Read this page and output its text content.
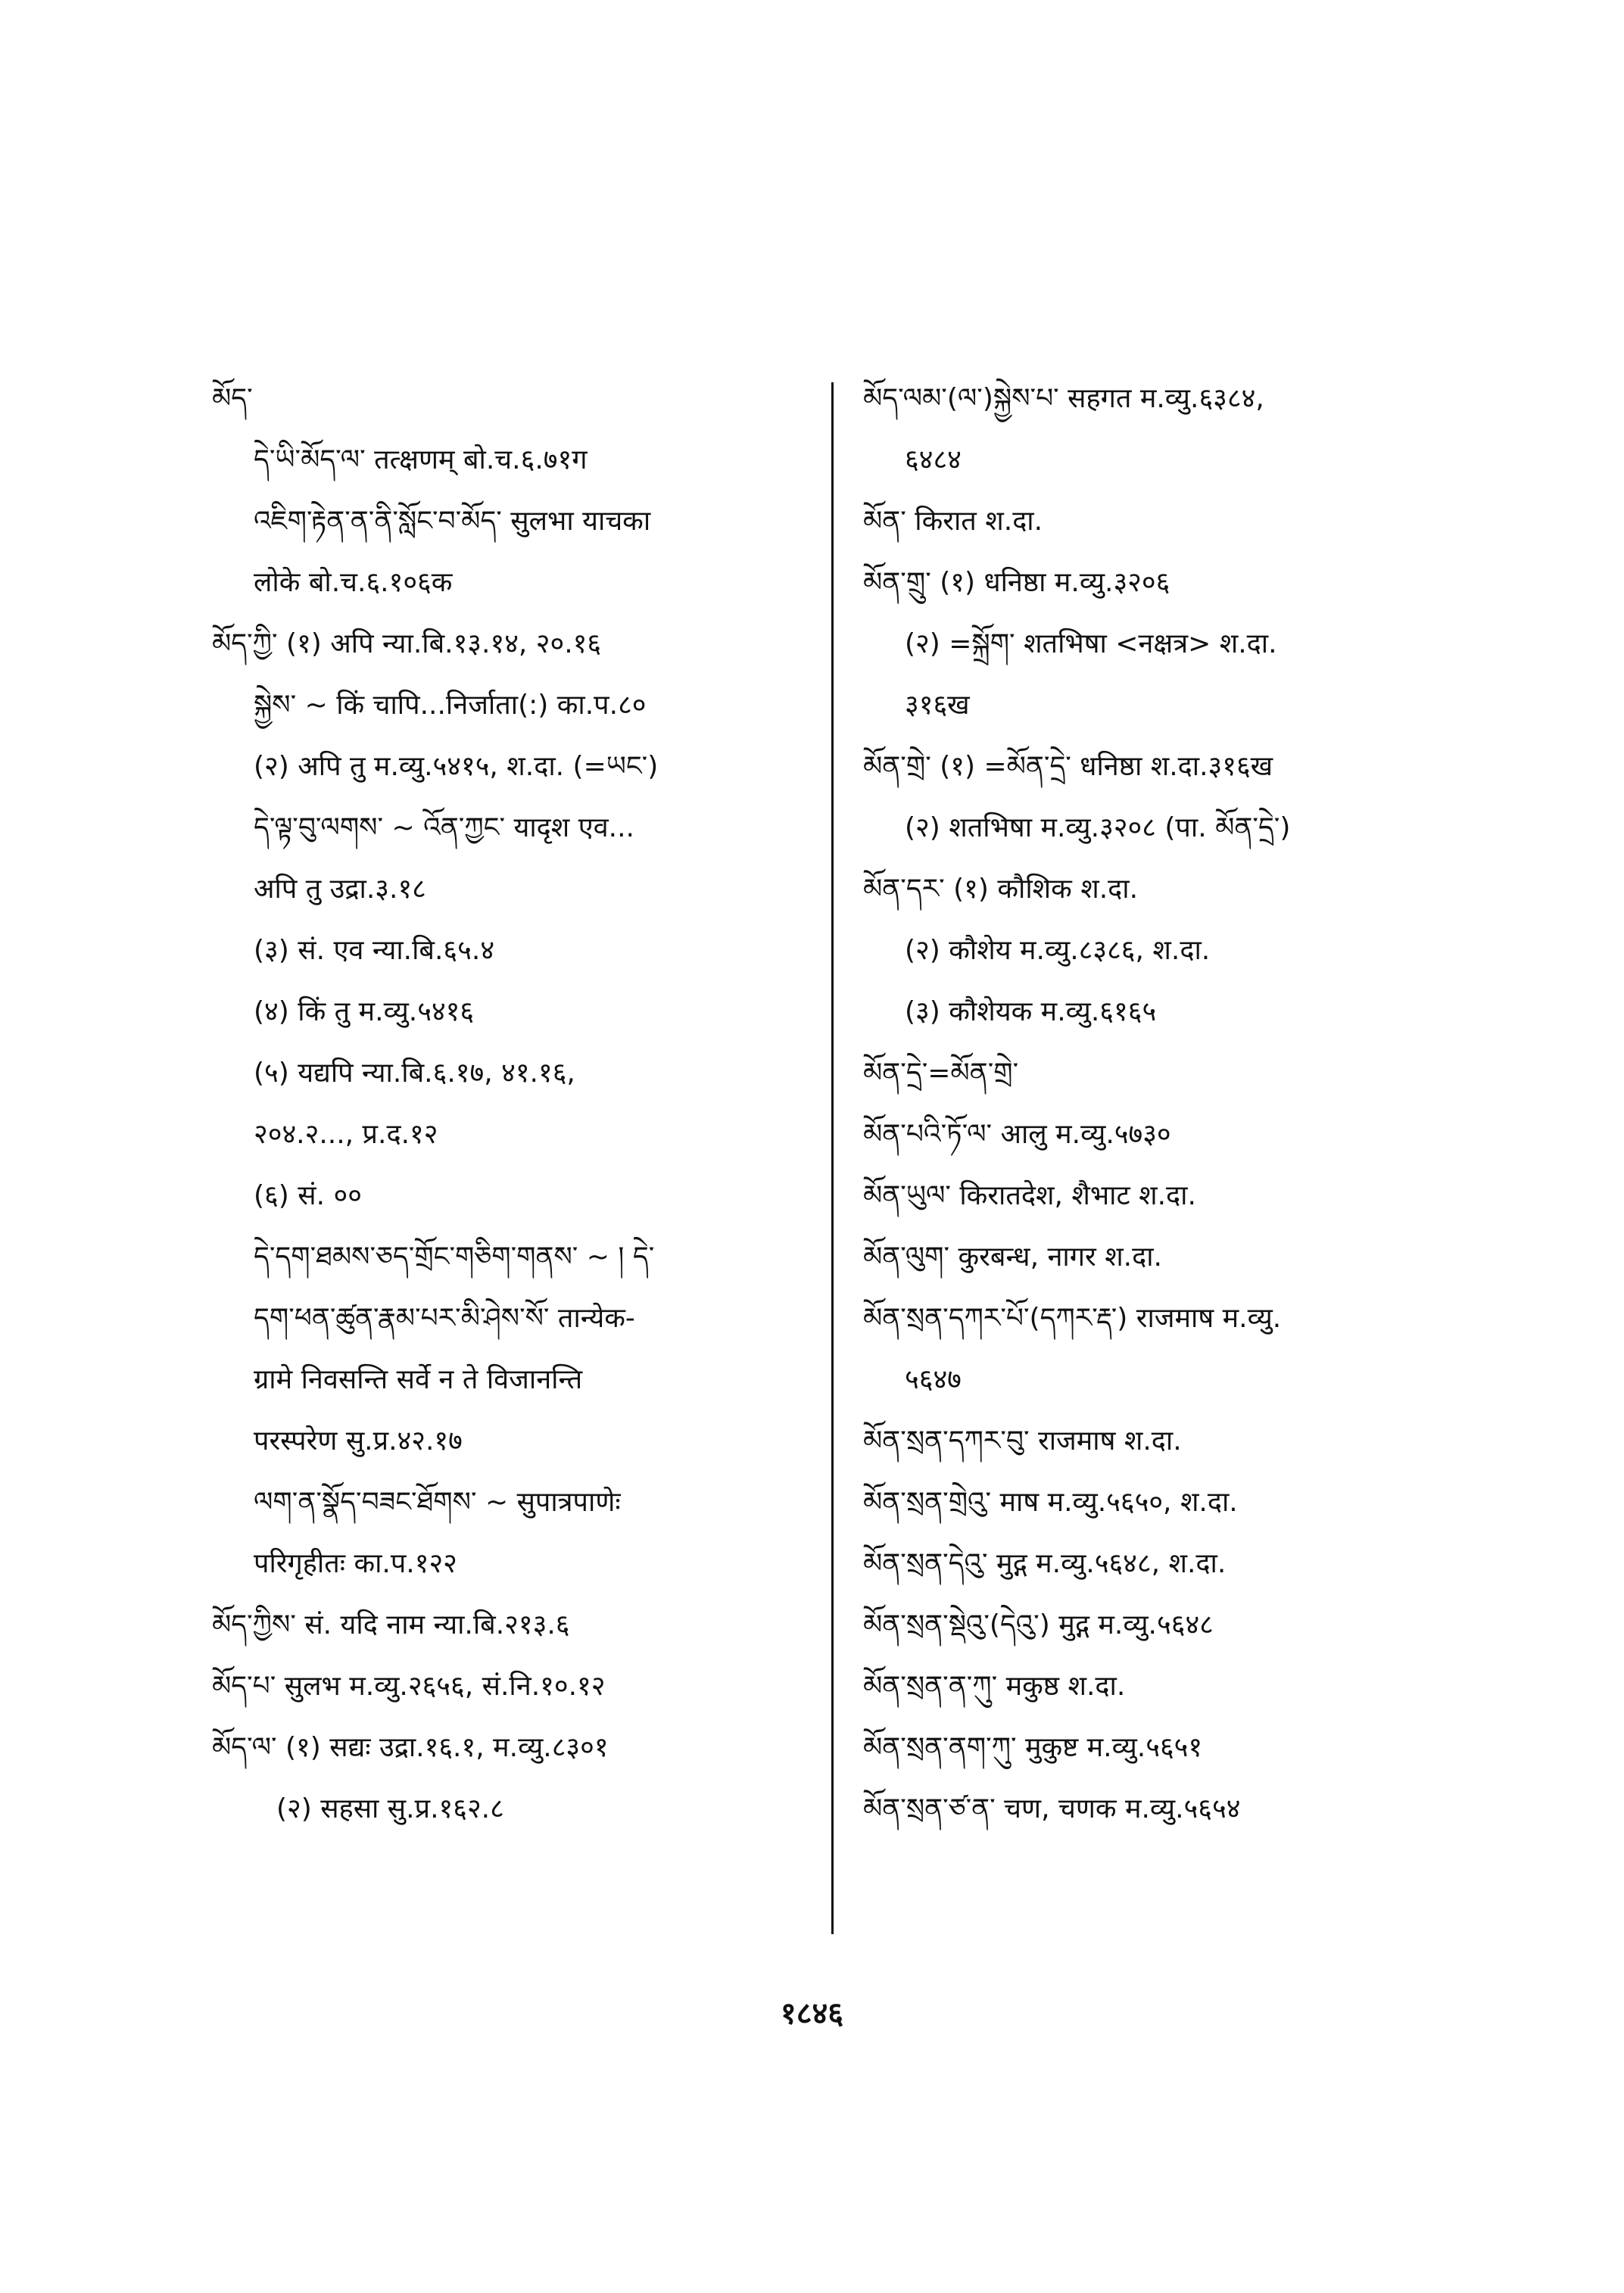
མོད་
དེ་ཡི་མོད་ལ་ तत्क्षणम् बो.च.६.७१ग
འཇིག་རྟེན་ན་ནི་སློང་བ་མོད་ सुलभा याचका
लोके बो.च.६.१०६क
མོད་ཀྱི་ (१) अपि न्या.बि.१३.१४, २०.१६
སྐྱེས་ ~ किं चापि...निर्जाता(:) का.प.८०
(२) अपि तु म.व्यु.५४१५, श.दा. (=ཡང་)
དེ་ལྟ་བུ་ལགས་ ~ འོན་ཀྱང་ यादृश एव...
अपि तु उद्रा.३.१८
(३) सं. एव न्या.बि.६५.४
(४) किं तु म.व्यु.५४१६
(५) यद्यपि न्या.बि.६.१७, ४१.१६,
२०४.२..., प्र.द.१२
(६) सं. ००
དེ་དག་ཐམས་ཅད་གྲོང་གཅིག་གནས་ ~ ། དེ་
དག་ཕན་ཚུན་རྣམ་པར་མི་ཤེས་སོ་ तान्येक-
ग्रामे निवसन्ति सर्वे न ते विजानन्ति
परस्परेण सु.प्र.४२.१७
ལག་ན་སྣོད་བཟང་ཐོགས་ ~ सुपात्रपाणेः
परिगृहीतः का.प.१२२
མོད་ཀྱིས་ सं. यदि नाम न्या.बि.२१३.६
མོད་པ་ सुलभ म.व्यु.२६५६, सं.नि.१०.१२
མོད་ལ་ (१) सद्यः उद्रा.१६.१, म.व्यु.८३०१
(२) सहसा सु.प्र.१६२.८
མོད་ལམ་(ལ་)སྐྱེས་པ་ सहगत म.व्यु.६३८४,
६४८४
མོན་ किरात श.दा.
མོན་གྲུ་ (१) धनिष्ठा म.व्यु.३२०६
(२) =སྐྲོག་ शतभिषा <नक्षत्र> श.दा.
३१६ख
མོན་གྲེ་ (१) =མོན་དྲེ་ धनिष्ठा श.दा.३१६ख
(२) शतभिषा म.व्यु.३२०८ (पा. མོན་དྲེ་)
མོན་དར་ (१) कौशिक श.दा.
(२) कौशेय म.व्यु.८३८६, श.दा.
(३) कौशेयक म.व्यु.६१६५
མོན་དྲེ་=མོན་གྲེ་
མོན་པའི་ཏོ་ལ་ आलु म.व्यु.५७३०
མོན་ཡུལ་ किरातदेश, शैभाट श.दा.
མོན་ལུག་ कुरबन्ध, नागर श.दा.
མོན་སྲན་དཀར་པོ་(དཀར་རྡ་) राजमाष म.व्यु.
५६४७
མོན་སྲན་དཀར་བུ་ राजमाष श.दा.
མོན་སྲན་གྲེའུ་ माष म.व्यु.५६५०, श.दा.
མོན་སྲན་དེའུ་ मुद्ग म.व्यु.५६४८, श.दा.
མོན་སྲན་སྡེའུ་(དེའུ་) मुद्ग म.व्यु.५६४८
མོན་སྲན་ན་ཀུ་ मकुष्ठ श.दा.
མོན་སྲན་ནག་ཀུ་ मुकुष्ट म.व्यु.५६५१
མོན་སྲན་ཙ་ན་ चण, चणक म.व्यु.५६५४
१८४६
